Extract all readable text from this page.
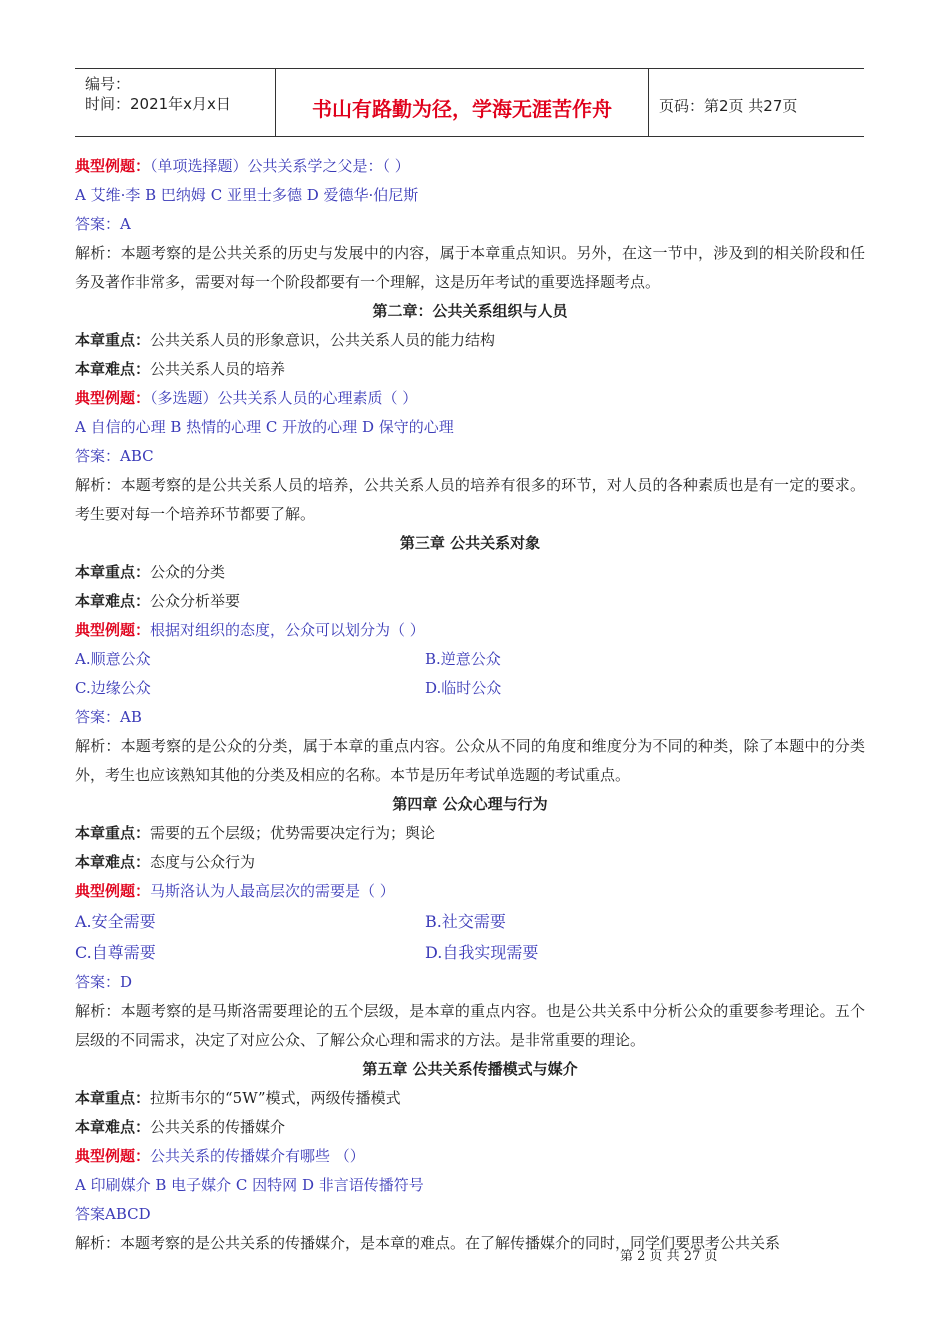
编号：
时间：2021年x月x日	书山有路勤为径，学海无涯苦作舟	页码：第2页 共27页
典型例题：（单项选择题）公共关系学之父是：（ ）
A 艾维·李 B 巴纳姆 C 亚里士多德 D 爱德华·伯尼斯
答案：A
解析：本题考察的是公共关系的历史与发展中的内容，属于本章重点知识。另外，在这一节中，涉及到的相关阶段和任务及著作非常多，需要对每一个阶段都要有一个理解，这是历年考试的重要选择题考点。
第二章：公共关系组织与人员
本章重点：公共关系人员的形象意识，公共关系人员的能力结构
本章难点：公共关系人员的培养
典型例题：（多选题）公共关系人员的心理素质（ ）
A 自信的心理 B 热情的心理 C 开放的心理 D 保守的心理
答案：ABC
解析：本题考察的是公共关系人员的培养，公共关系人员的培养有很多的环节，对人员的各种素质也是有一定的要求。考生要对每一个培养环节都要了解。
第三章 公共关系对象
本章重点：公众的分类
本章难点：公众分析举要
典型例题：根据对组织的态度，公众可以划分为（ ）
A.顺意公众	B.逆意公众
C.边缘公众	D.临时公众
答案：AB
解析：本题考察的是公众的分类，属于本章的重点内容。公众从不同的角度和维度分为不同的种类，除了本题中的分类外，考生也应该熟知其他的分类及相应的名称。本节是历年考试单选题的考试重点。
第四章 公众心理与行为
本章重点：需要的五个层级；优势需要决定行为；舆论
本章难点：态度与公众行为
典型例题：马斯洛认为人最高层次的需要是（ ）
A.安全需要	B.社交需要
C.自尊需要	D.自我实现需要
答案：D
解析：本题考察的是马斯洛需要理论的五个层级，是本章的重点内容。也是公共关系中分析公众的重要参考理论。五个层级的不同需求，决定了对应公众、了解公众心理和需求的方法。是非常重要的理论。
第五章 公共关系传播模式与媒介
本章重点：拉斯韦尔的“5W”模式，两级传播模式
本章难点：公共关系的传播媒介
典型例题：公共关系的传播媒介有哪些 （）
A 印刷媒介 B 电子媒介 C 因特网 D 非言语传播符号
答案ABCD
解析：本题考察的是公共关系的传播媒介，是本章的难点。在了解传播媒介的同时，同学们要思考公共关系
第 2 页 共 27 页
